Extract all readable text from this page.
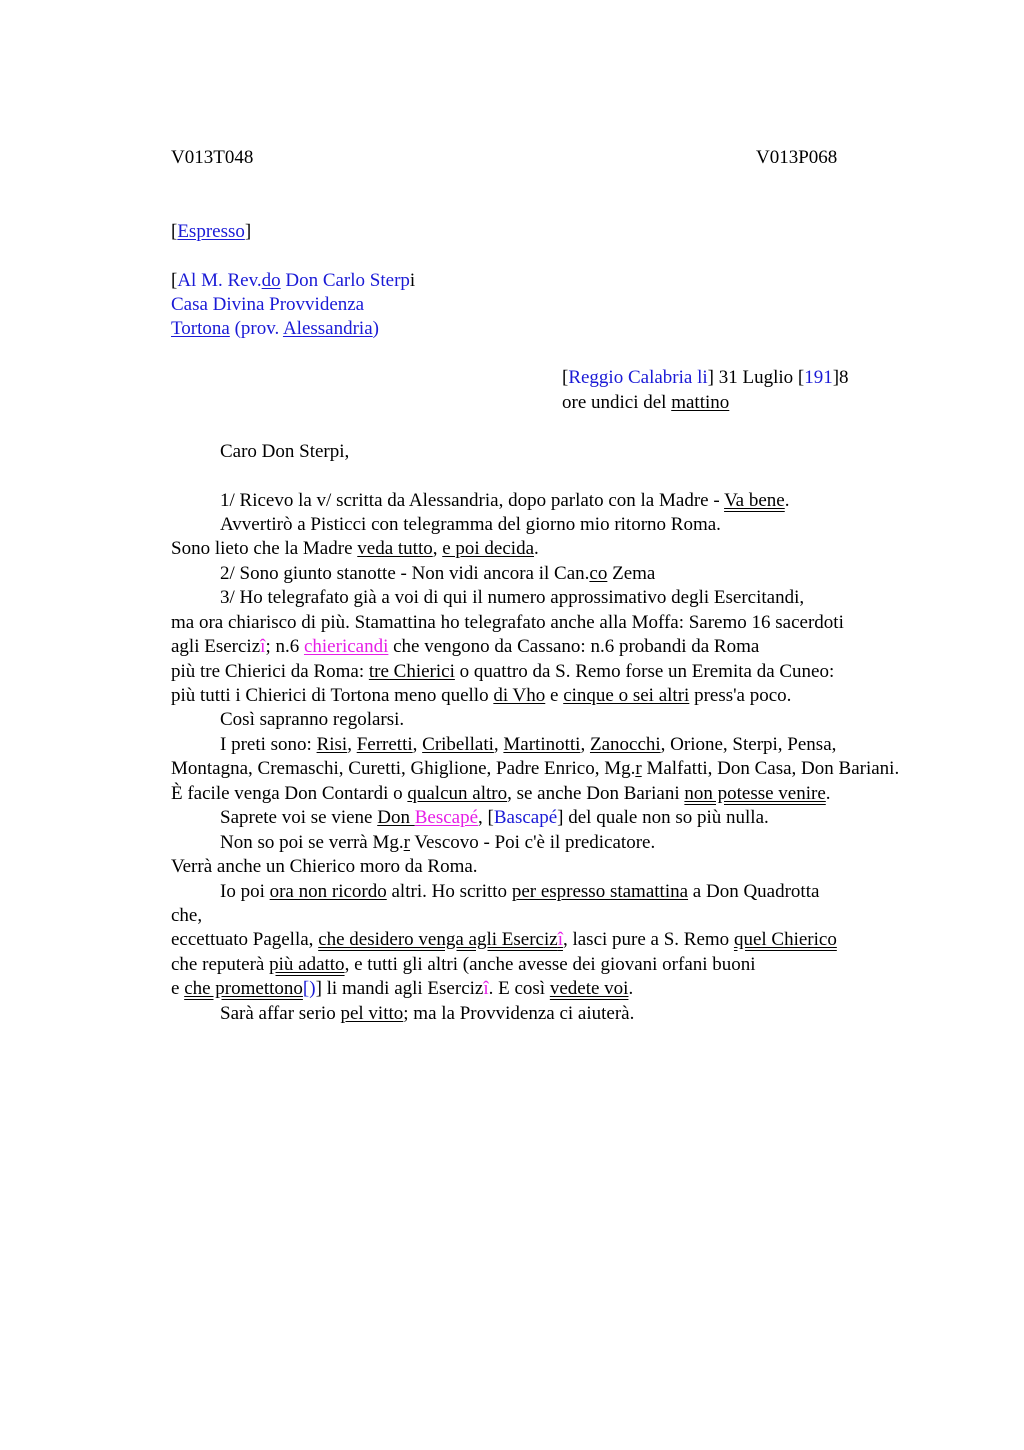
V013T048	V013P068
[Espresso]
[Al M. Rev.do Don Carlo Sterpi
Casa Divina Provvidenza
Tortona (prov. Alessandria)
[Reggio Calabria li] 31 Luglio [191]8
ore undici del mattino
Caro Don Sterpi,
1/ Ricevo la v/ scritta da Alessandria, dopo parlato con la Madre - Va bene.
Avvertirò a Pisticci con telegramma del giorno mio ritorno Roma.
Sono lieto che la Madre veda tutto, e poi decida.
2/ Sono giunto stanotte - Non vidi ancora il Can.co Zema
3/ Ho telegrafato già a voi di qui il numero approssimativo degli Esercitandi,
ma ora chiarisco di più. Stamattina ho telegrafato anche alla Moffa: Saremo 16 sacerdoti
agli Esercizî; n.6 chiericandi che vengono da Cassano: n.6 probandi da Roma
più tre Chierici da Roma: tre Chierici o quattro da S. Remo forse un Eremita da Cuneo:
più tutti i Chierici di Tortona meno quello di Vho e cinque o sei altri press'a poco.
Così sapranno regolarsi.
I preti sono: Risi, Ferretti, Cribellati, Martinotti, Zanocchi, Orione, Sterpi, Pensa,
Montagna, Cremaschi, Curetti, Ghiglione, Padre Enrico, Mg.r Malfatti, Don Casa, Don Bariani.
È facile venga Don Contardi o qualcun altro, se anche Don Bariani non potesse venire.
Saprete voi se viene Don Bescapé, [Bascapé] del quale non so più nulla.
Non so poi se verrà Mg.r Vescovo - Poi c'è il predicatore.
Verrà anche un Chierico moro da Roma.
Io poi ora non ricordo altri. Ho scritto per espresso stamattina a Don Quadrotta
che,
eccettuato Pagella, che desidero venga agli Esercizî, lasci pure a S. Remo quel Chierico
che reputerà più adatto, e tutti gli altri (anche avesse dei giovani orfani buoni
e che promettono[)] li mandi agli Esercizî. E così vedete voi.
Sarà affar serio pel vitto; ma la Provvidenza ci aiuterà.
